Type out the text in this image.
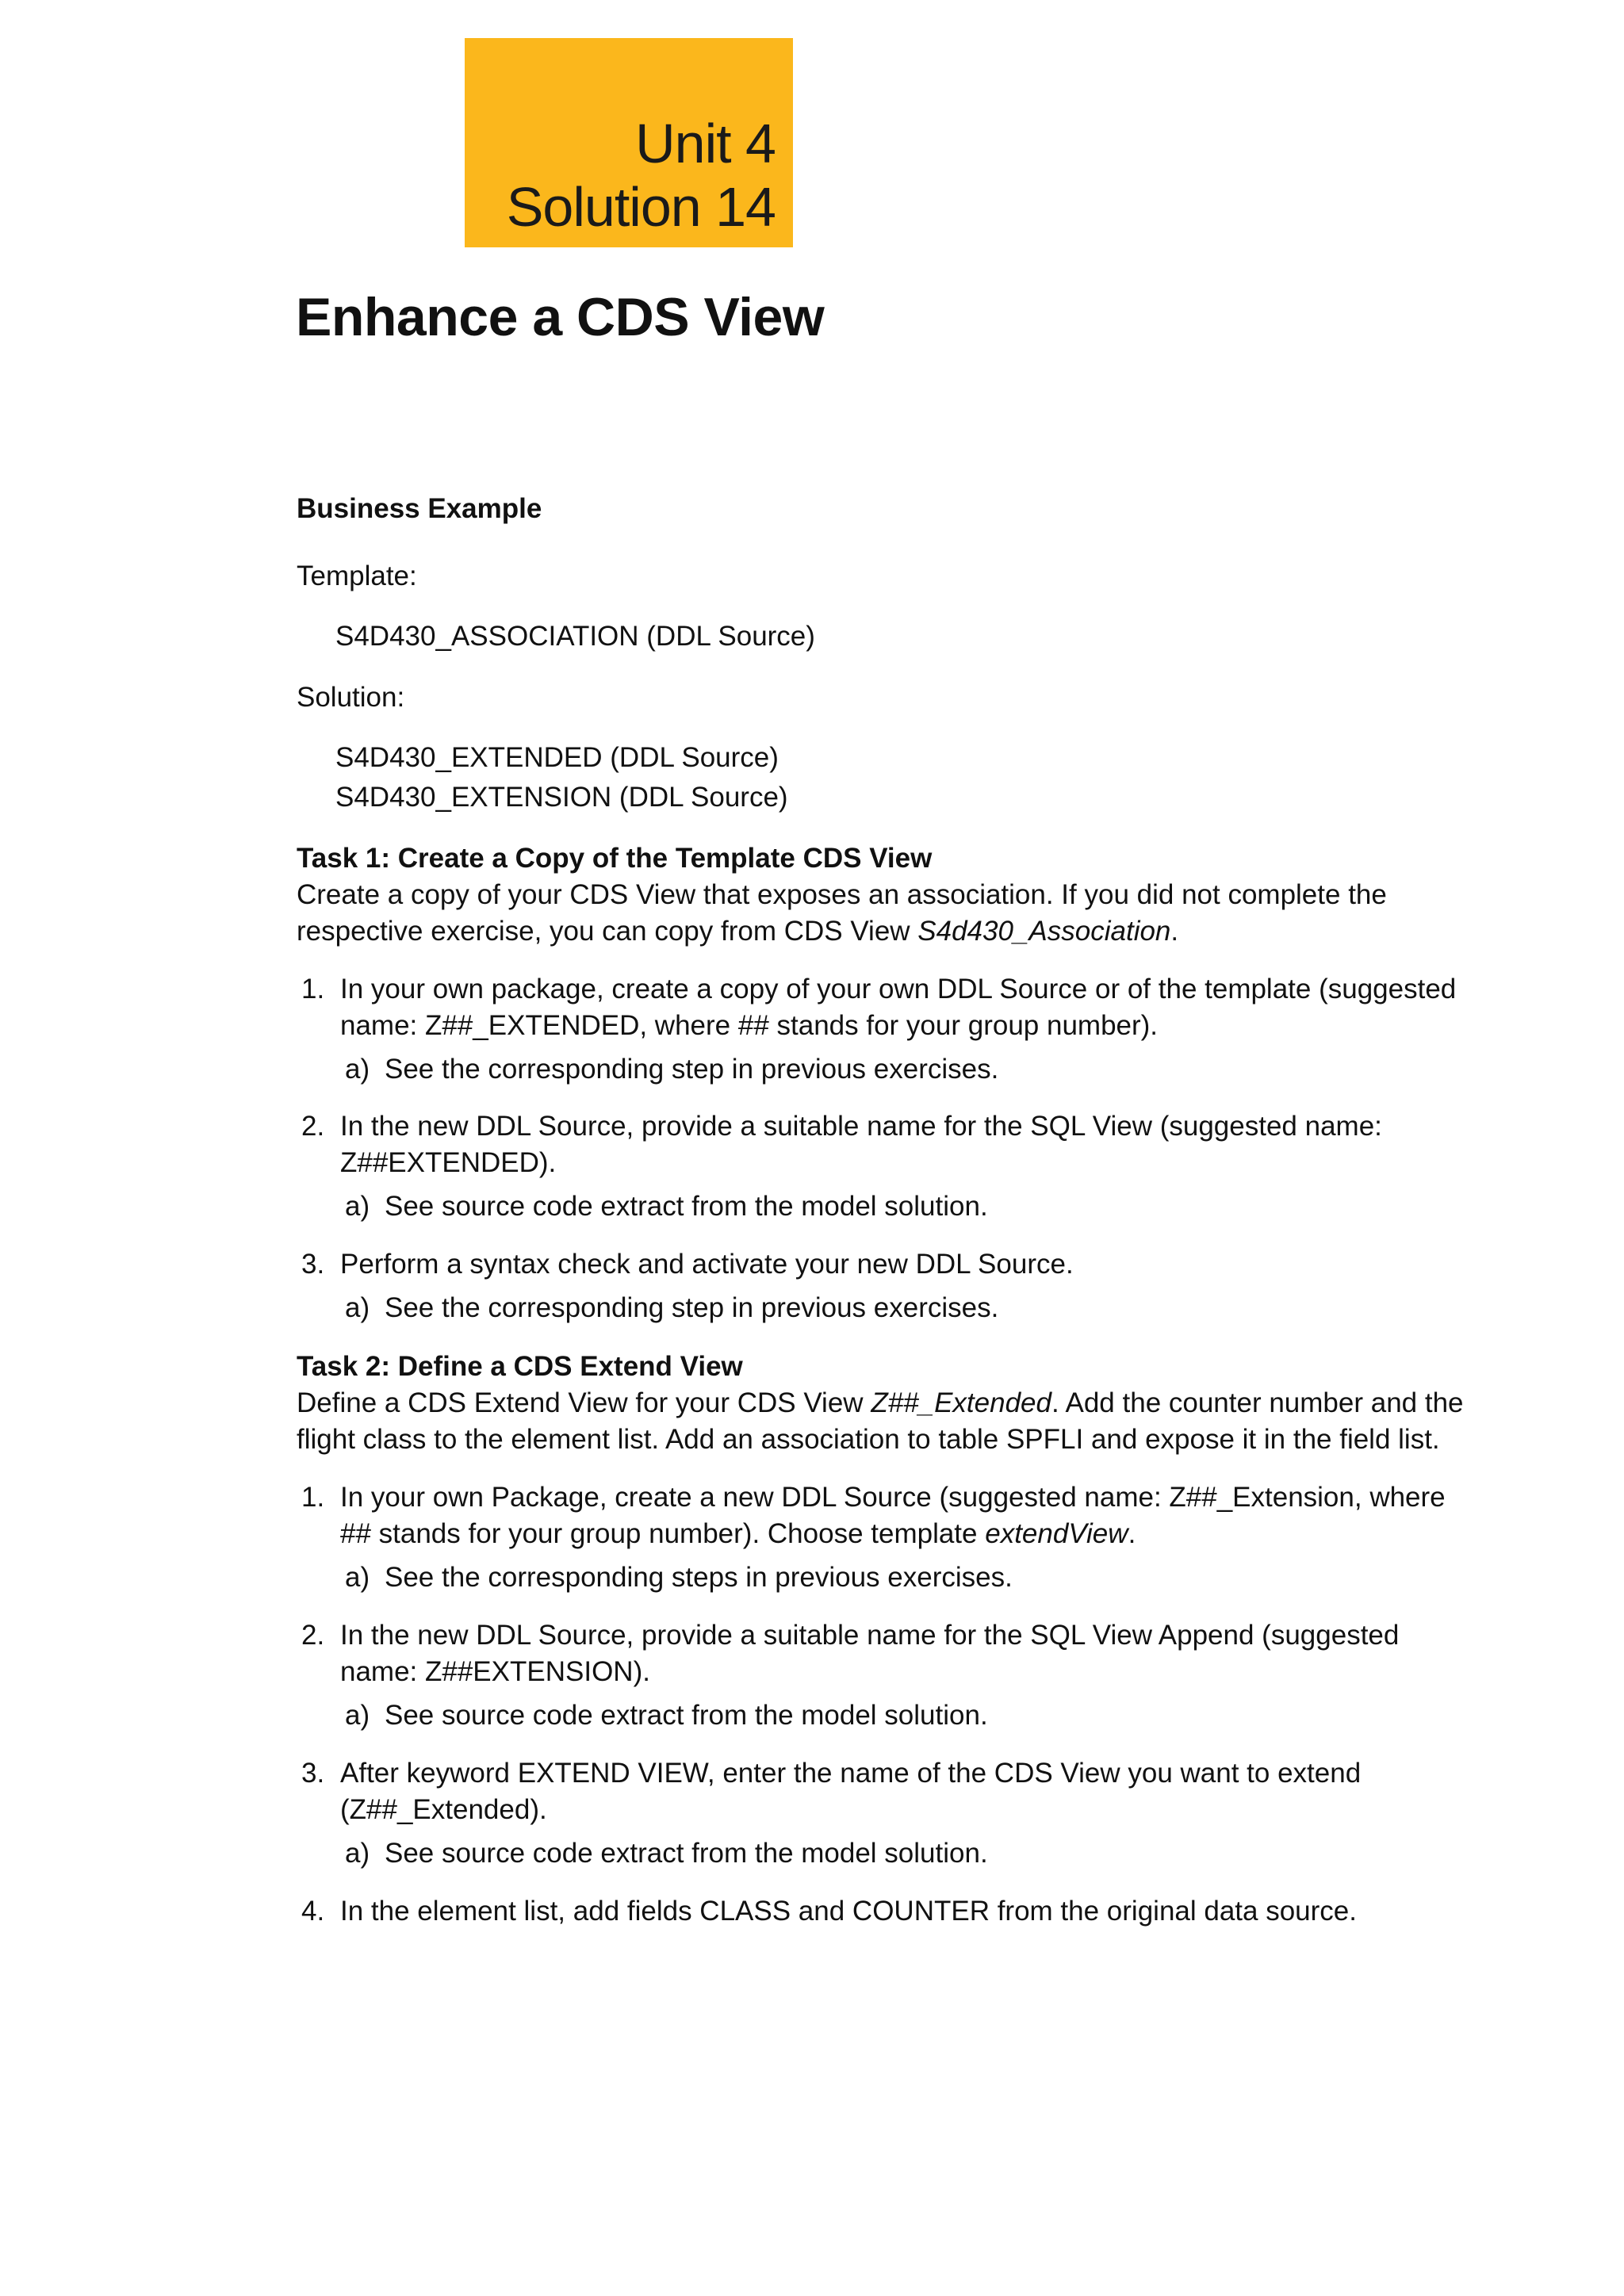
Unit 4
Solution 14
Enhance a CDS View
Business Example
Template:
S4D430_ASSOCIATION (DDL Source)
Solution:
S4D430_EXTENDED (DDL Source)
S4D430_EXTENSION (DDL Source)
Task 1: Create a Copy of the Template CDS View
Create a copy of your CDS View that exposes an association. If you did not complete the
respective exercise, you can copy from CDS View S4d430_Association.
1. In your own package, create a copy of your own DDL Source or of the template (suggested
name: Z##_EXTENDED, where ## stands for your group number).
a) See the corresponding step in previous exercises.
2. In the new DDL Source, provide a suitable name for the SQL View (suggested name:
Z##EXTENDED).
a) See source code extract from the model solution.
3. Perform a syntax check and activate your new DDL Source.
a) See the corresponding step in previous exercises.
Task 2: Define a CDS Extend View
Define a CDS Extend View for your CDS View Z##_Extended. Add the counter number and the
flight class to the element list. Add an association to table SPFLI and expose it in the field list.
1. In your own Package, create a new DDL Source (suggested name: Z##_Extension, where
## stands for your group number). Choose template extendView.
a) See the corresponding steps in previous exercises.
2. In the new DDL Source, provide a suitable name for the SQL View Append (suggested
name: Z##EXTENSION).
a) See source code extract from the model solution.
3. After keyword EXTEND VIEW, enter the name of the CDS View you want to extend
(Z##_Extended).
a) See source code extract from the model solution.
4. In the element list, add fields CLASS and COUNTER from the original data source.
